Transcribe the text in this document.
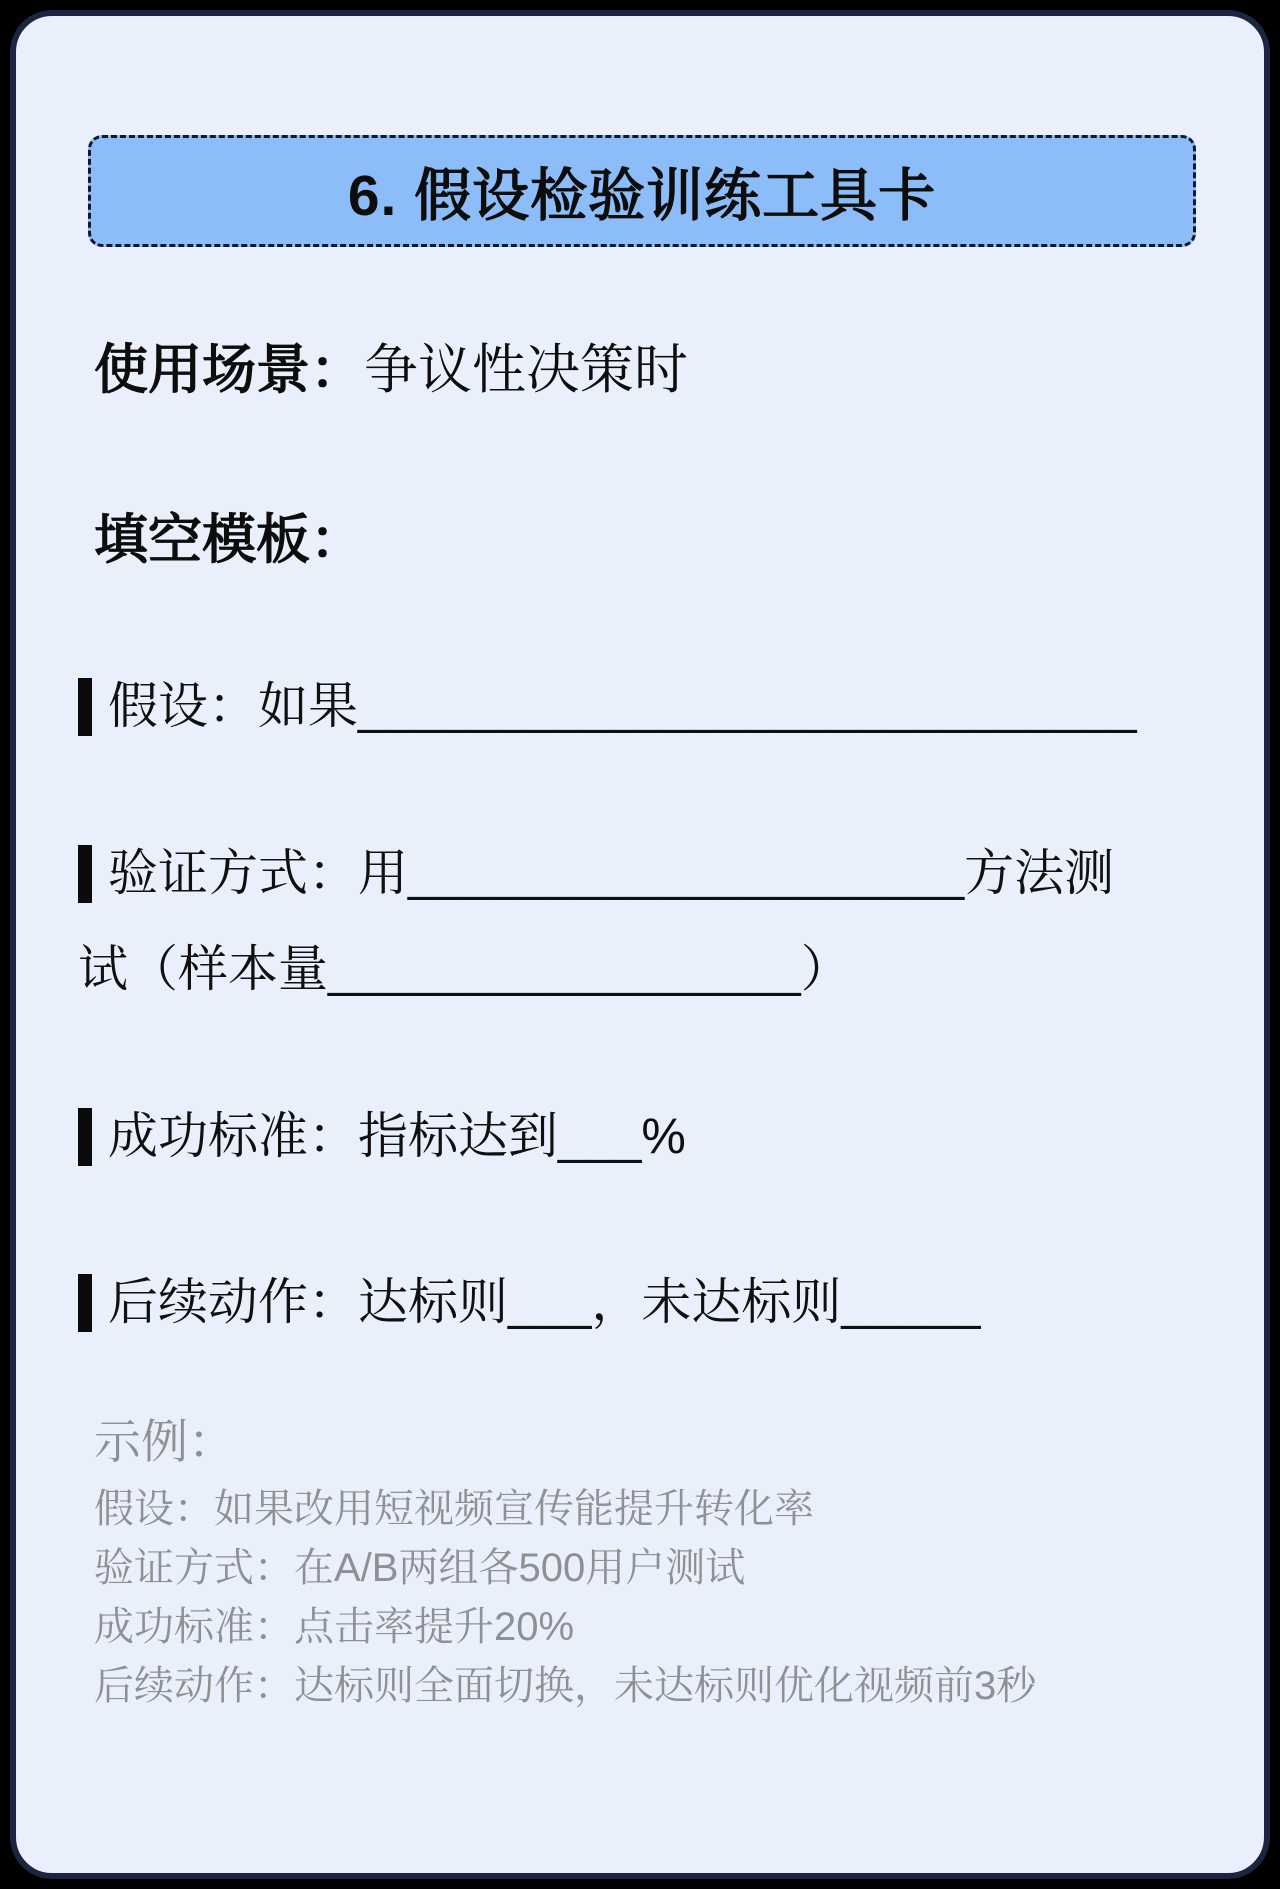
6. 假设检验训练工具卡
使用场景：争议性决策时
填空模板：
假设：如果____________________________
验证方式：用____________________方法测
试（样本量_________________）
成功标准：指标达到___%
后续动作：达标则___，未达标则_____
示例：
假设：如果改用短视频宣传能提升转化率
验证方式：在A/B两组各500用户测试
成功标准：点击率提升20%
后续动作：达标则全面切换，未达标则优化视频前3秒
